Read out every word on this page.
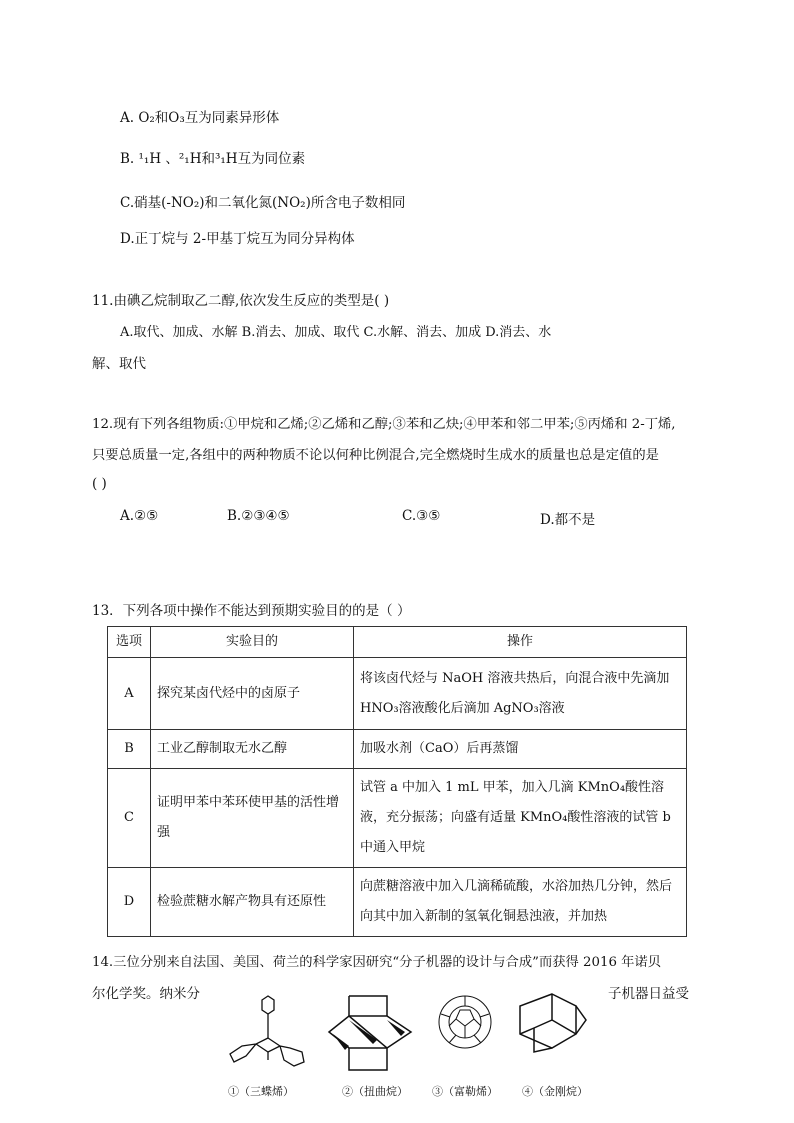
A. O₂和O₃互为同素异形体
B. ¹₁H 、²₁H和³₁H互为同位素
C.硝基(-NO₂)和二氧化氮(NO₂)所含电子数相同
D.正丁烷与 2-甲基丁烷互为同分异构体
11.由碘乙烷制取乙二醇,依次发生反应的类型是( )
A.取代、加成、水解 B.消去、加成、取代 C.水解、消去、加成 D.消去、水
解、取代
12.现有下列各组物质:①甲烷和乙烯;②乙烯和乙醇;③苯和乙炔;④甲苯和邻二甲苯;⑤丙烯和 2-丁烯,
只要总质量一定,各组中的两种物质不论以何种比例混合,完全燃烧时生成水的质量也总是定值的是
( )
A.②⑤	B.②③④⑤	C.③⑤	D.都不是
13．下列各项中操作不能达到预期实验目的的是（ ）
选项	实验目的	操作
A	探究某卤代烃中的卤原子	将该卤代烃与 NaOH 溶液共热后，向混合液中先滴加 HNO₃溶液酸化后滴加 AgNO₃溶液
B	工业乙醇制取无水乙醇	加吸水剂（CaO）后再蒸馏
C	证明甲苯中苯环使甲基的活性增强	试管 a 中加入 1 mL 甲苯，加入几滴 KMnO₄酸性溶液，充分振荡；向盛有适量 KMnO₄酸性溶液的试管 b 中通入甲烷
D	检验蔗糖水解产物具有还原性	向蔗糖溶液中加入几滴稀硫酸，水浴加热几分钟，然后向其中加入新制的氢氧化铜悬浊液，并加热
14.三位分别来自法国、美国、荷兰的科学家因研究“分子机器的设计与合成”而获得 2016 年诺贝
尔化学奖。纳米分	子机器日益受
①（三蝶烯）	②（扭曲烷） ③（富勒烯） ④（金刚烷）
